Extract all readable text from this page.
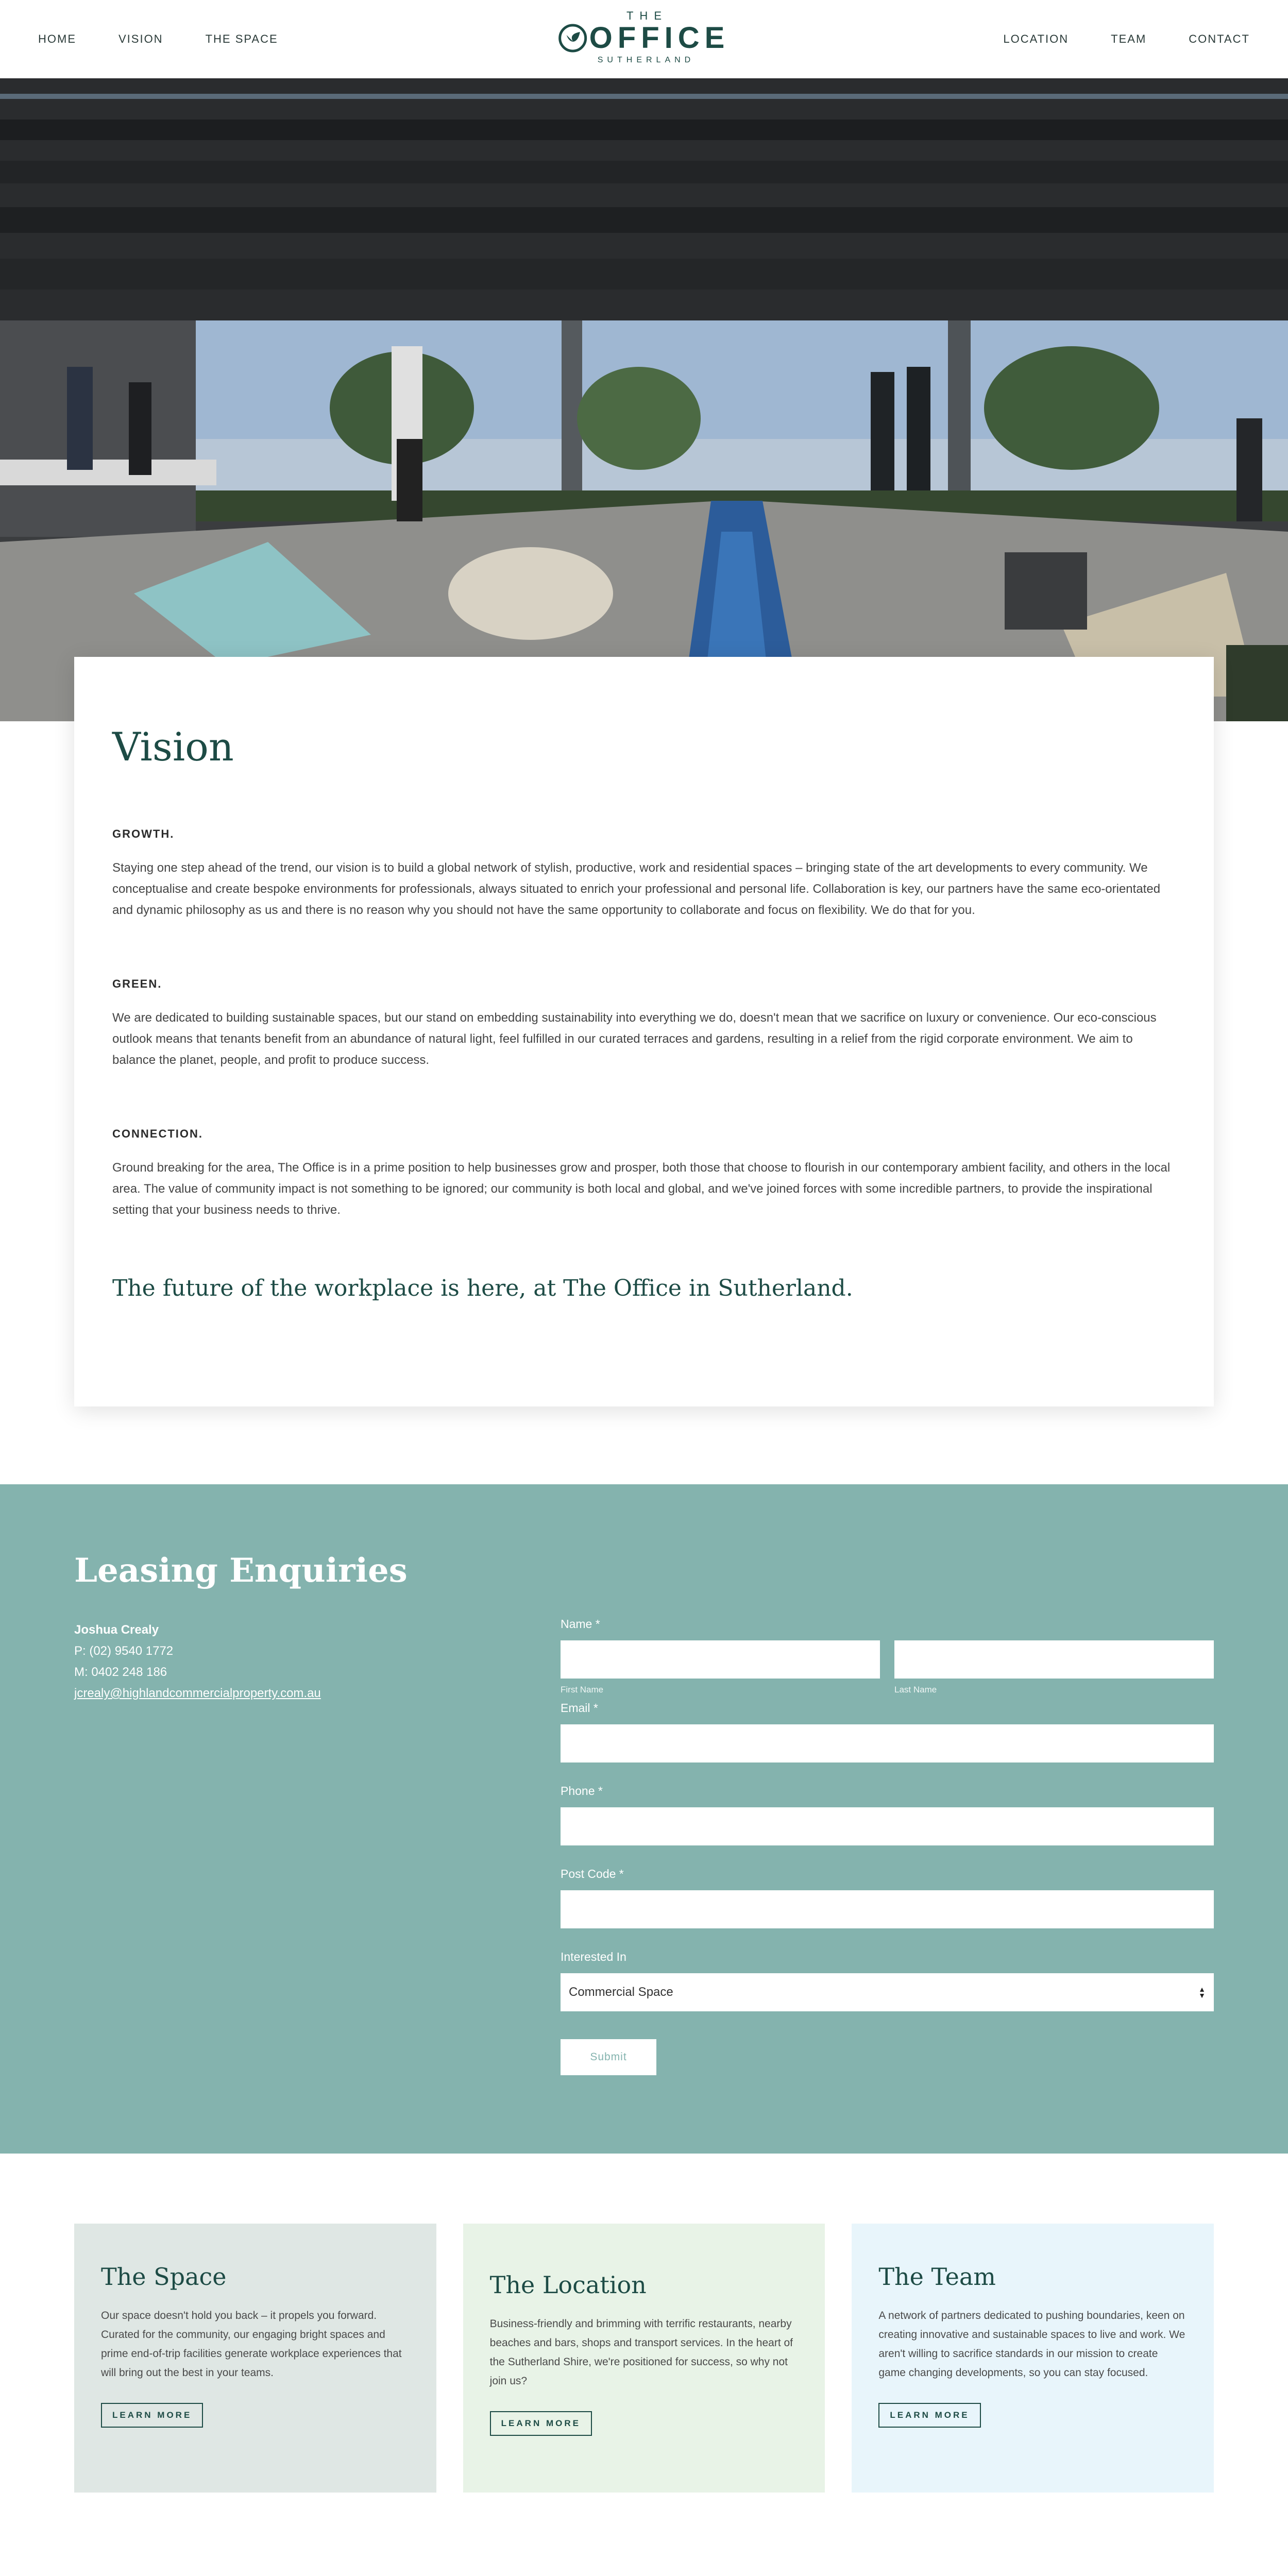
HOME	VISION	THE SPACE
THE
OFFICE
SUTHERLAND
LOCATION	TEAM	CONTACT
Vision
GROWTH.

Staying one step ahead of the trend, our vision is to build a global network of stylish, productive, work and residential spaces – bringing state of the art developments to every community. We conceptualise and create bespoke environments for professionals, always situated to enrich your professional and personal life. Collaboration is key, our partners have the same eco-orientated and dynamic philosophy as us and there is no reason why you should not have the same opportunity to collaborate and focus on flexibility. We do that for you.

GREEN.

We are dedicated to building sustainable spaces, but our stand on embedding sustainability into everything we do, doesn't mean that we sacrifice on luxury or convenience. Our eco-conscious outlook means that tenants benefit from an abundance of natural light, feel fulfilled in our curated terraces and gardens, resulting in a relief from the rigid corporate environment. We aim to balance the planet, people, and profit to produce success.

CONNECTION.

Ground breaking for the area, The Office is in a prime position to help businesses grow and prosper, both those that choose to flourish in our contemporary ambient facility, and others in the local area. The value of community impact is not something to be ignored; our community is both local and global, and we've joined forces with some incredible partners, to provide the inspirational setting that your business needs to thrive.

The future of the workplace is here, at The Office in Sutherland.
Leasing Enquiries
Joshua Crealy
P: (02) 9540 1772
M: 0402 248 186
jcrealy@highlandcommercialproperty.com.au
Name *
First Name	Last Name
Email *
Phone *
Post Code *
Interested In
Commercial Space	▲
▼
Submit
The Space

Our space doesn't hold you back – it propels you forward. Curated for the community, our engaging bright spaces and prime end-of-trip facilities generate workplace experiences that will bring out the best in your teams.

LEARN MORE
The Location

Business-friendly and brimming with terrific restaurants, nearby beaches and bars, shops and transport services. In the heart of the Sutherland Shire, we're positioned for success, so why not join us?

LEARN MORE
The Team

A network of partners dedicated to pushing boundaries, keen on creating innovative and sustainable spaces to live and work. We aren't willing to sacrifice standards in our mission to create game changing developments, so you can stay focused.

LEARN MORE
